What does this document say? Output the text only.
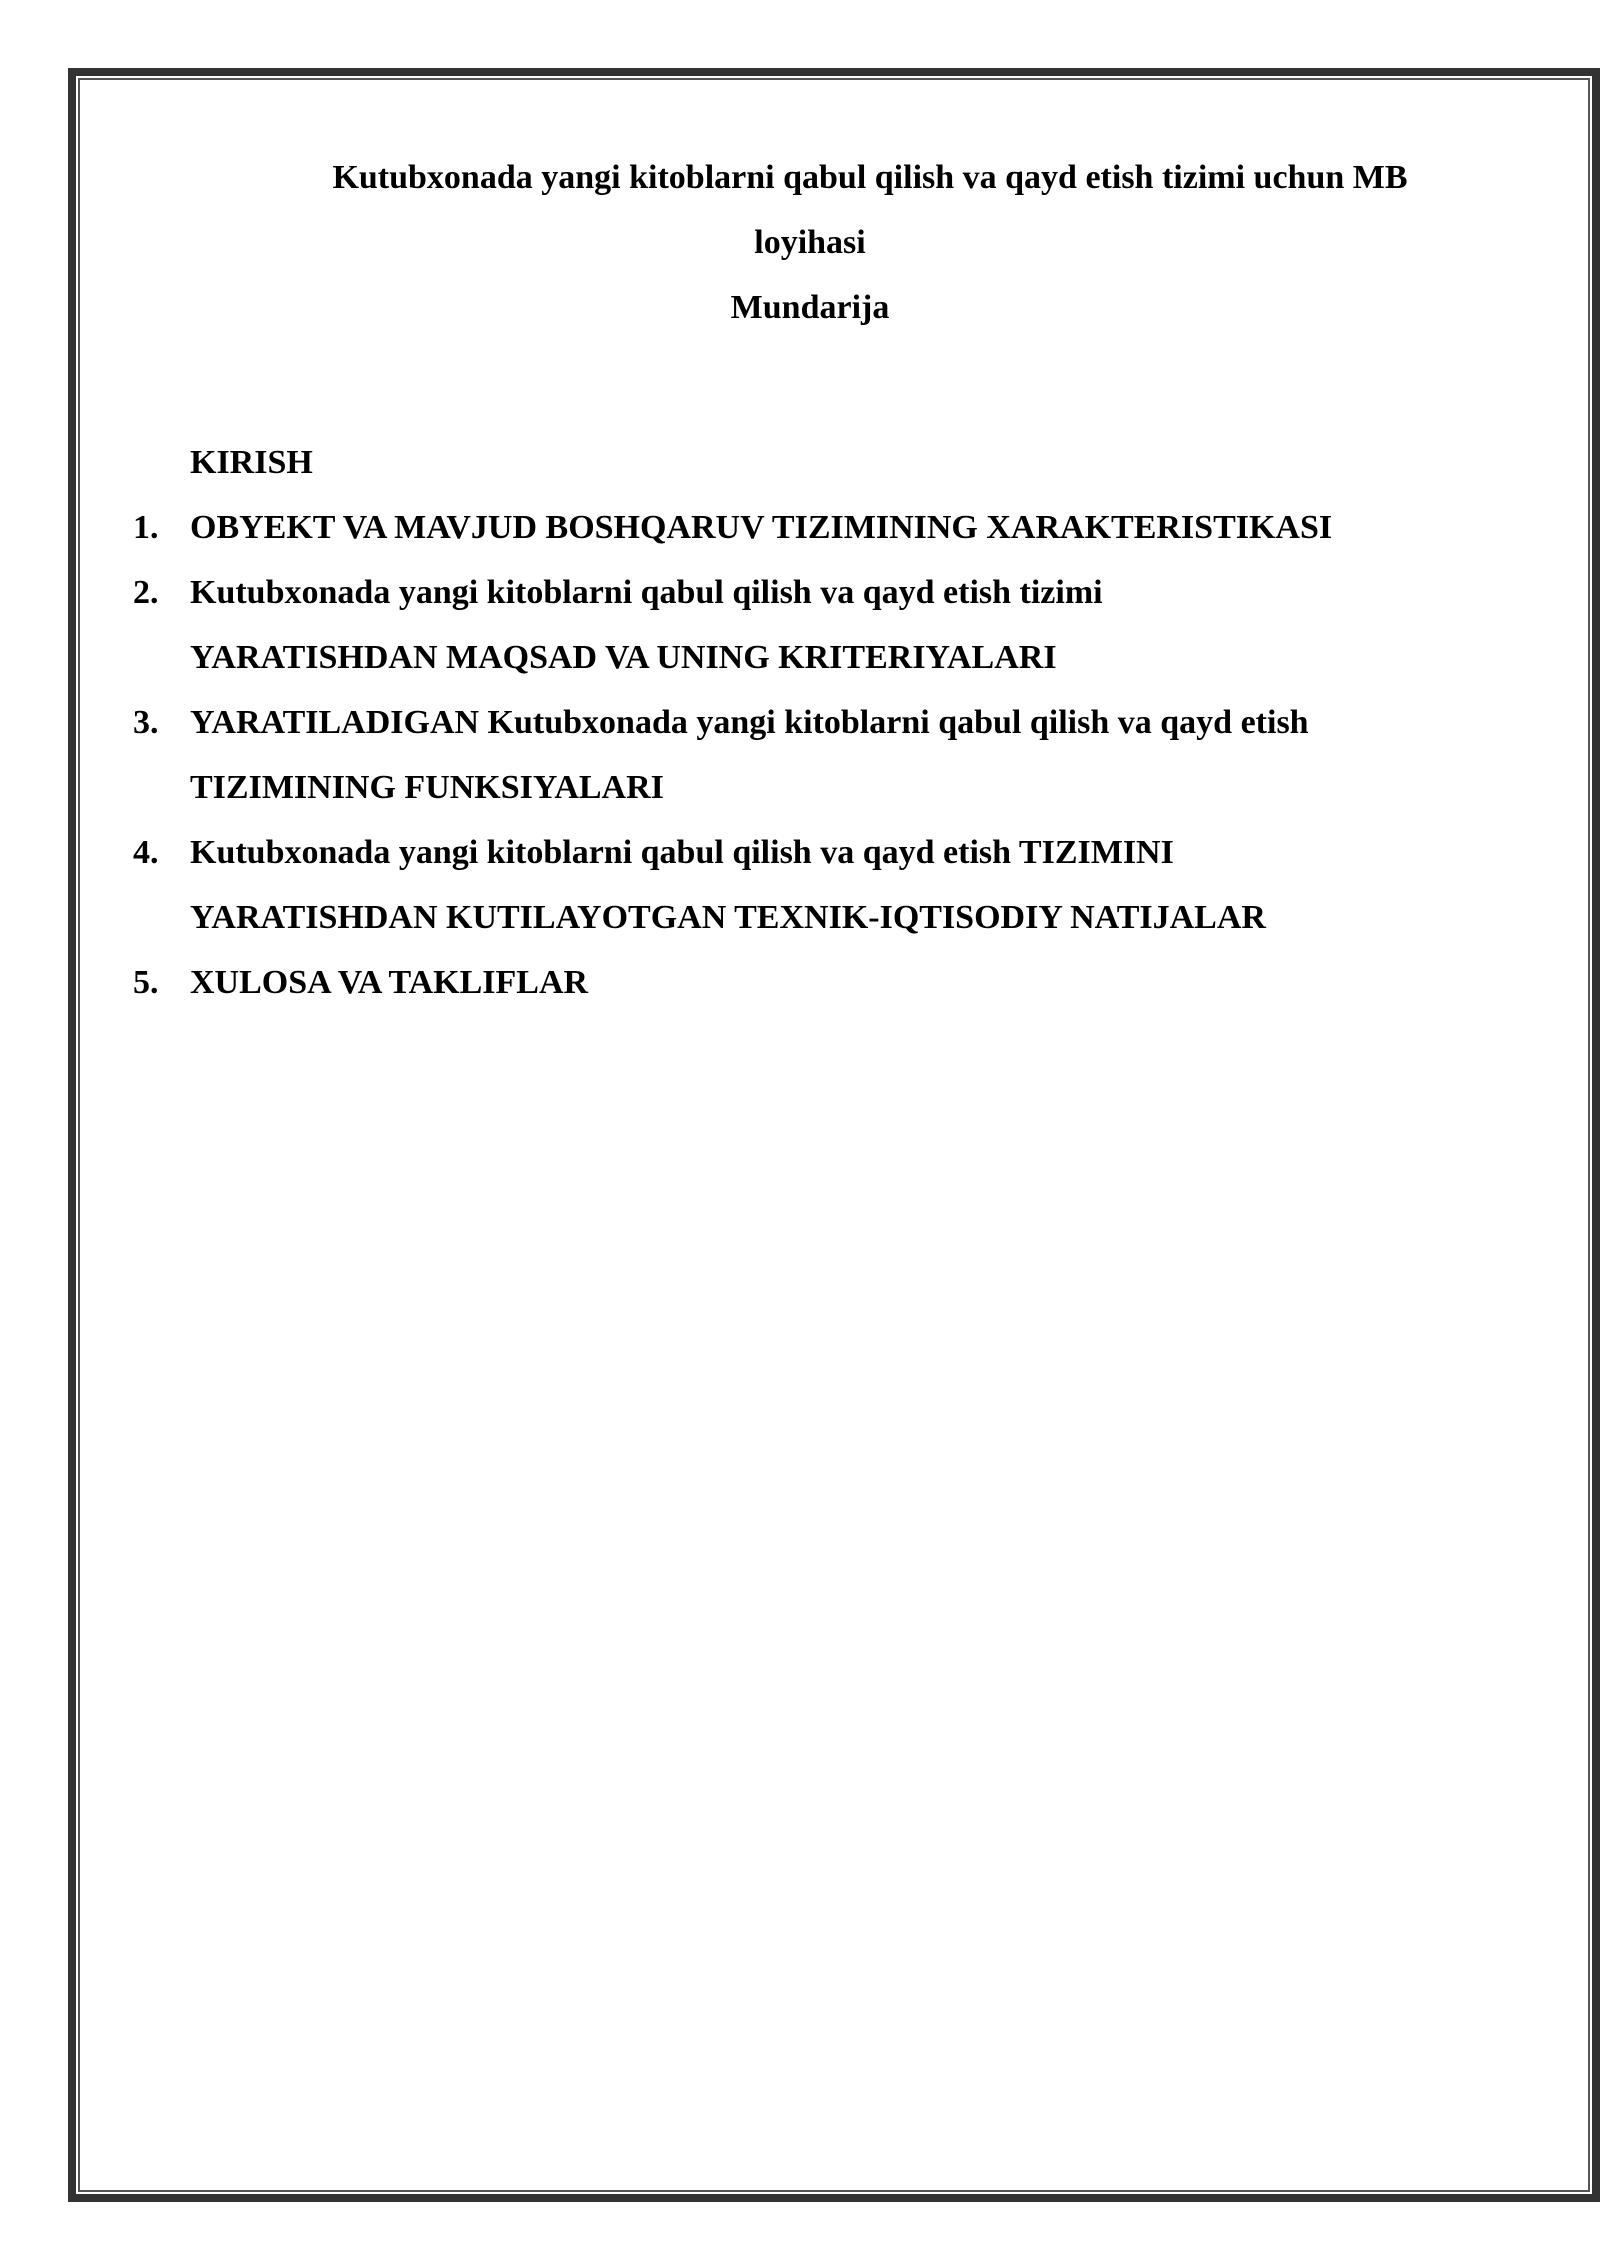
Kutubxonada yangi kitoblarni qabul qilish va qayd etish tizimi uchun MB

loyihasi

Mundarija

KIRISH
1. OBYEKT VA MAVJUD BOSHQARUV TIZIMINING XARAKTERISTIKASI
2. Kutubxonada yangi kitoblarni qabul qilish va qayd etish tizimi
YARATISHDAN MAQSAD VA UNING KRITERIYALARI
3. YARATILADIGAN Kutubxonada yangi kitoblarni qabul qilish va qayd etish
TIZIMINING FUNKSIYALARI
4. Kutubxonada yangi kitoblarni qabul qilish va qayd etish TIZIMINI
YARATISHDAN KUTILAYOTGAN TEXNIK-IQTISODIY NATIJALAR
5. XULOSA VA TAKLIFLAR
